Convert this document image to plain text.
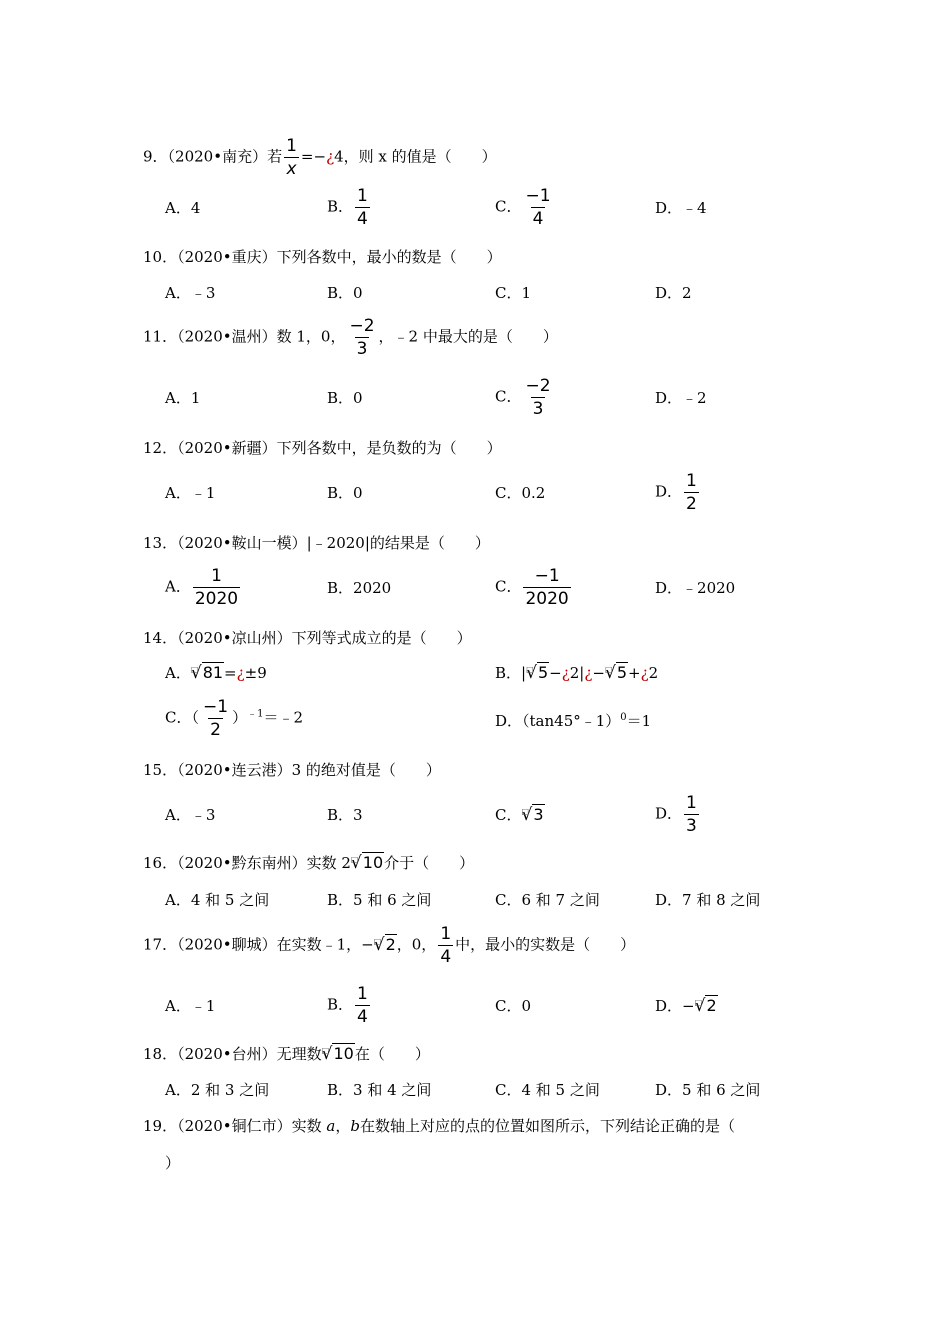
9．（2020•南充）若 $\frac{1}{x}$ =−¿4，则 x 的值是（　　）
A．4	B． $\frac{1}{4}$	C． $\frac{-1}{4}$	D．﹣4
10．（2020•重庆）下列各数中，最小的数是（　　）
A．﹣3	B．0	C．1	D．2
11．（2020•温州）数 1，0， $\frac{-2}{3}$ ，﹣2 中最大的是（　　）
A．1	B．0	C． $\frac{-2}{3}$	D．﹣2
12．（2020•新疆）下列各数中，是负数的为（　　）
A．﹣1	B．0	C．0.2	D． $\frac{1}{2}$
13．（2020•鞍山一模）|﹣2020|的结果是（　　）
A． $\frac{1}{2020}$	B．2020	C． $\frac{-1}{2020}$	D．﹣2020
14．（2020•凉山州）下列等式成立的是（　　）
A．□ √81=¿±9	B．|□ √5−¿2|¿−□ √5+¿2
C．（ $\frac{-1}{2}$ ）$^{﹣1}$＝﹣2	D．（tan45°﹣1）$^0$＝1
15．（2020•连云港）3 的绝对值是（　　）
A．﹣3	B．3	C．□ √3	D． $\frac{1}{3}$
16．（2020•黔东南州）实数 2□ √10介于（　　）
A．4 和 5 之间	B．5 和 6 之间	C．6 和 7 之间	D．7 和 8 之间
17．（2020•聊城）在实数﹣1，−□ √2，0， $\frac{1}{4}$ 中，最小的实数是（　　）
A．﹣1	B． $\frac{1}{4}$	C．0	D．−□ √2
18．（2020•台州）无理数□ √10在（　　）
A．2 和 3 之间	B．3 和 4 之间	C．4 和 5 之间	D．5 和 6 之间
19．（2020•铜仁市）实数 a，b在数轴上对应的点的位置如图所示，下列结论正确的是（
）
